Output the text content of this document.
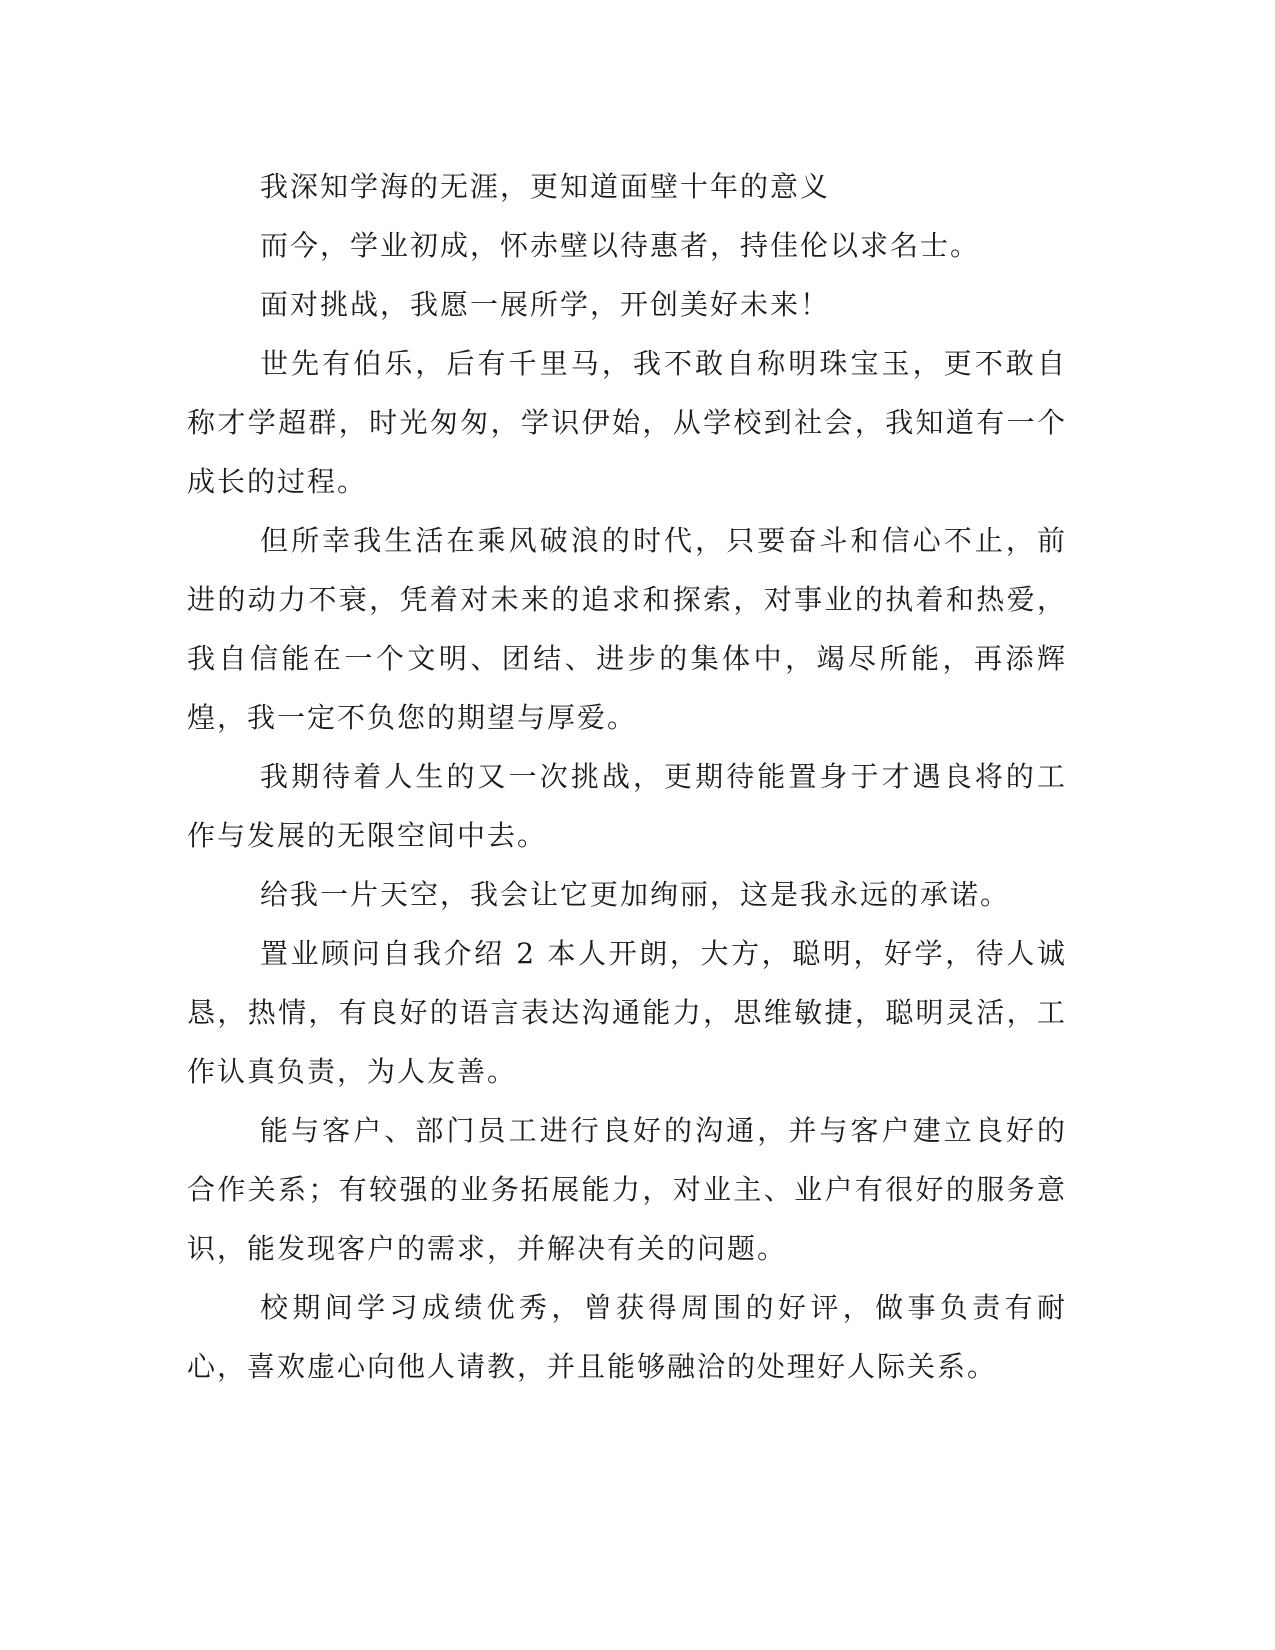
我深知学海的无涯，更知道面壁十年的意义

而今，学业初成，怀赤壁以待惠者，持佳伦以求名士。

面对挑战，我愿一展所学，开创美好未来！

世先有伯乐，后有千里马，我不敢自称明珠宝玉，更不敢自称才学超群，时光匆匆，学识伊始，从学校到社会，我知道有一个成长的过程。

但所幸我生活在乘风破浪的时代，只要奋斗和信心不止，前进的动力不衰，凭着对未来的追求和探索，对事业的执着和热爱，我自信能在一个文明、团结、进步的集体中，竭尽所能，再添辉煌，我一定不负您的期望与厚爱。

我期待着人生的又一次挑战，更期待能置身于才遇良将的工作与发展的无限空间中去。

给我一片天空，我会让它更加绚丽，这是我永远的承诺。

置业顾问自我介绍 2 本人开朗，大方，聪明，好学，待人诚恳，热情，有良好的语言表达沟通能力，思维敏捷，聪明灵活，工作认真负责，为人友善。

能与客户、部门员工进行良好的沟通，并与客户建立良好的合作关系；有较强的业务拓展能力，对业主、业户有很好的服务意识，能发现客户的需求，并解决有关的问题。

校期间学习成绩优秀，曾获得周围的好评，做事负责有耐心，喜欢虚心向他人请教，并且能够融洽的处理好人际关系。
